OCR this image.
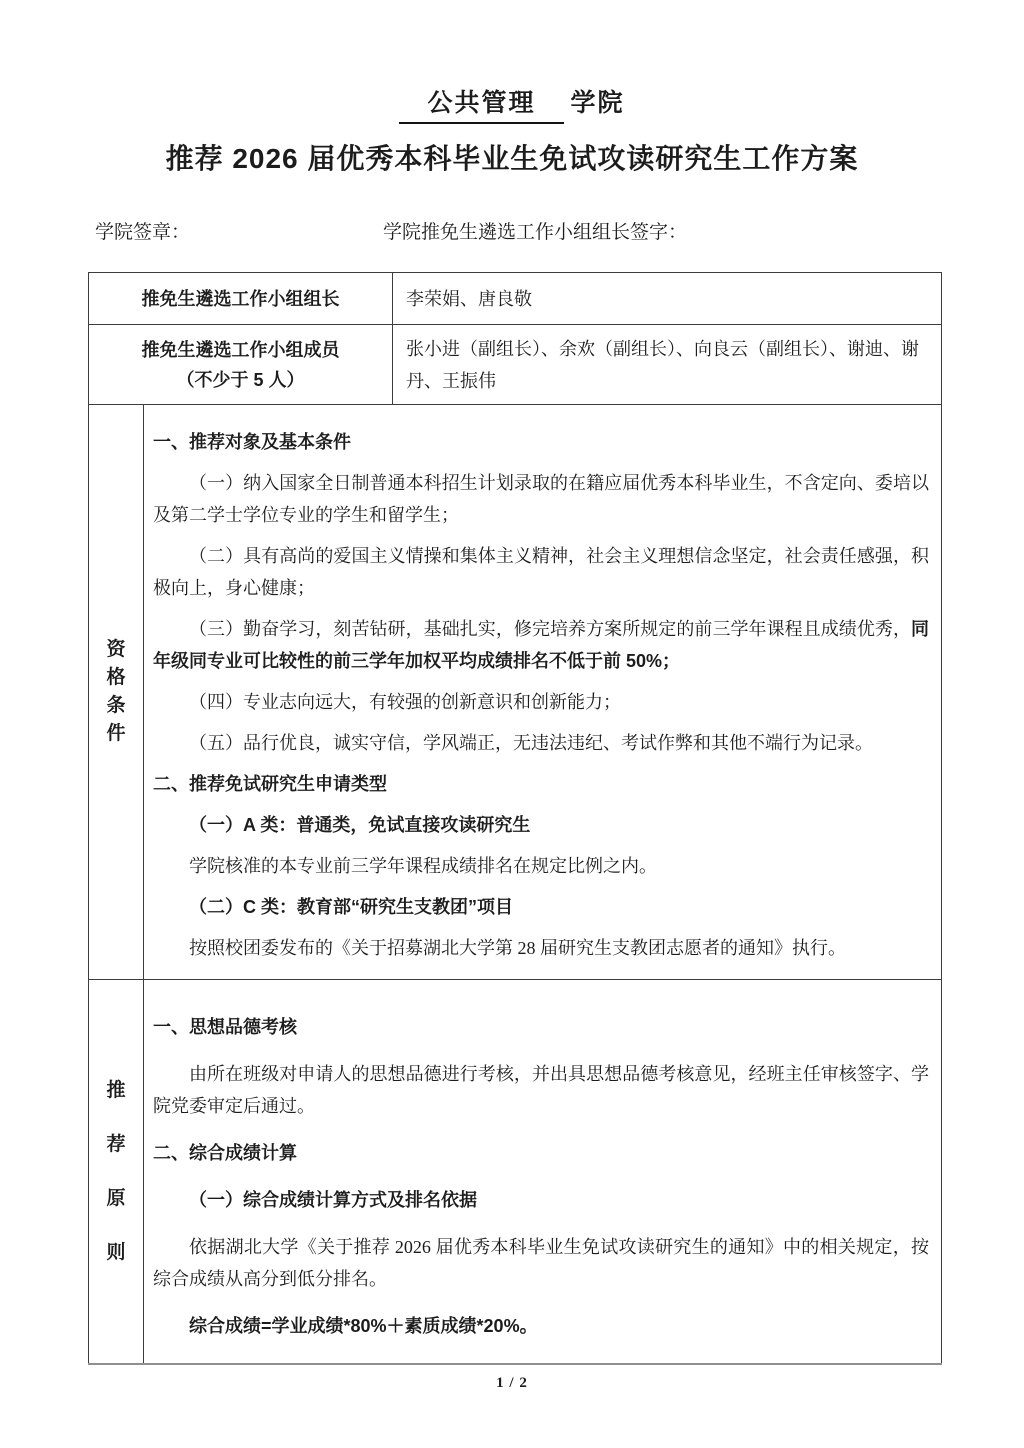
公共管理 学院
推荐 2026 届优秀本科毕业生免试攻读研究生工作方案
学院签章：	学院推免生遴选工作小组组长签字：
推免生遴选工作小组组长		李荣娟、唐良敬

推免生遴选工作小组成员
（不少于 5 人）		张小进（副组长）、余欢（副组长）、向良云（副组长）、谢迪、谢丹、王振伟

资格条件

一、推荐对象及基本条件

（一）纳入国家全日制普通本科招生计划录取的在籍应届优秀本科毕业生，不含定向、委培以及第二学士学位专业的学生和留学生；

（二）具有高尚的爱国主义情操和集体主义精神，社会主义理想信念坚定，社会责任感强，积极向上，身心健康；

（三）勤奋学习，刻苦钻研，基础扎实，修完培养方案所规定的前三学年课程且成绩优秀，同年级同专业可比较性的前三学年加权平均成绩排名不低于前 50%；

（四）专业志向远大，有较强的创新意识和创新能力；

（五）品行优良，诚实守信，学风端正，无违法违纪、考试作弊和其他不端行为记录。

二、推荐免试研究生申请类型
（一）A 类：普通类，免试直接攻读研究生

学院核准的本专业前三学年课程成绩排名在规定比例之内。

（二）C 类：教育部“研究生支教团”项目

按照校团委发布的《关于招募湖北大学第 28 届研究生支教团志愿者的通知》执行。

推荐原则

一、思想品德考核

由所在班级对申请人的思想品德进行考核，并出具思想品德考核意见，经班主任审核签字、学院党委审定后通过。

二、综合成绩计算
（一）综合成绩计算方式及排名依据

依据湖北大学《关于推荐 2026 届优秀本科毕业生免试攻读研究生的通知》中的相关规定，按综合成绩从高分到低分排名。

综合成绩=学业成绩*80%＋素质成绩*20%。

1 / 2
